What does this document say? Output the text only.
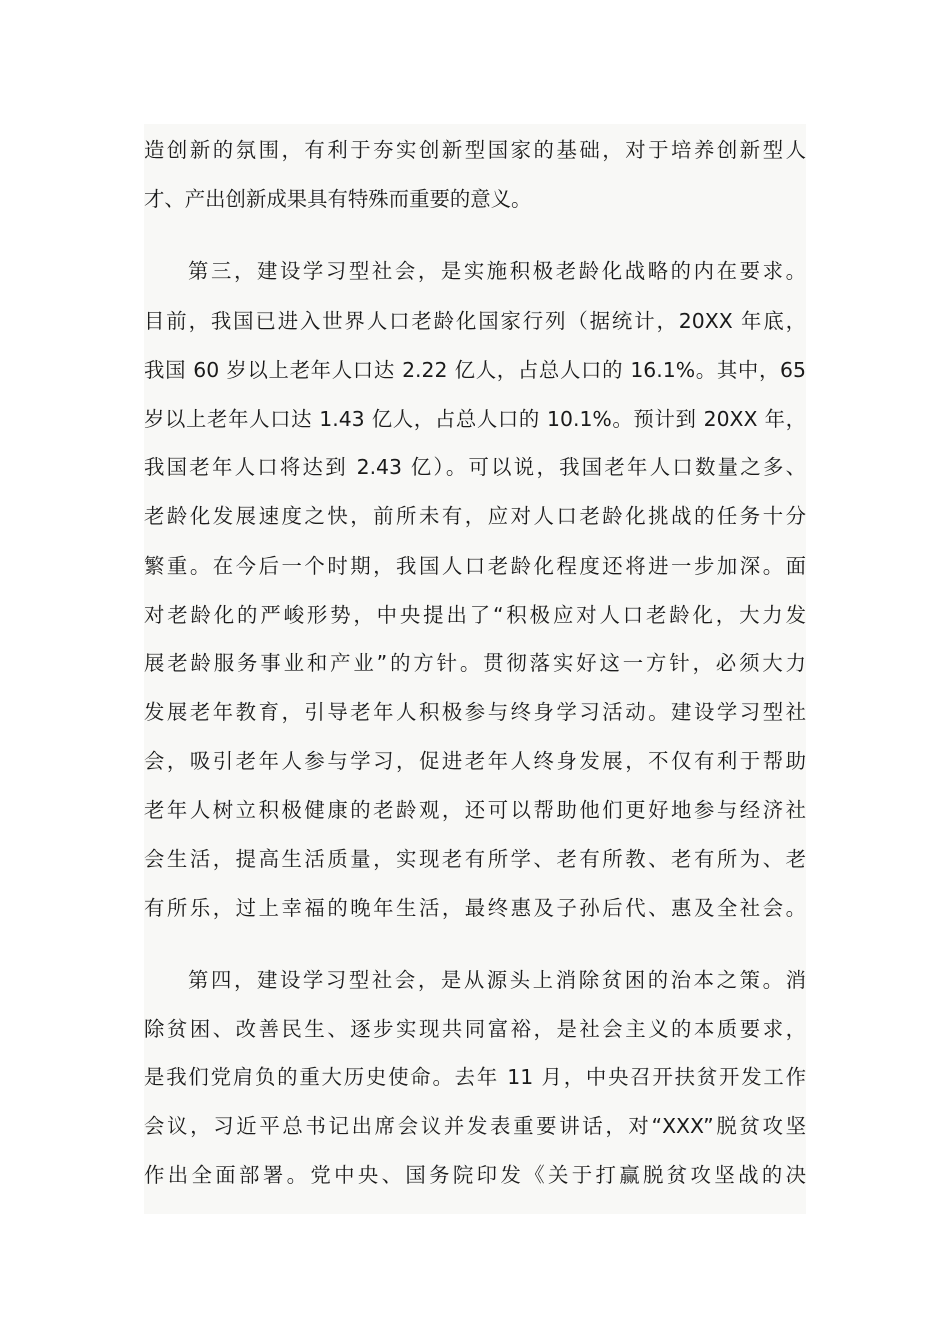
造创新的氛围，有利于夯实创新型国家的基础，对于培养创新型人
才、产出创新成果具有特殊而重要的意义。
第三，建设学习型社会，是实施积极老龄化战略的内在要求。
目前，我国已进入世界人口老龄化国家行列（据统计，20XX 年底，
我国 60 岁以上老年人口达 2.22 亿人，占总人口的 16.1%。其中，65
岁以上老年人口达 1.43 亿人，占总人口的 10.1%。预计到 20XX 年，
我国老年人口将达到 2.43 亿）。可以说，我国老年人口数量之多、
老龄化发展速度之快，前所未有，应对人口老龄化挑战的任务十分
繁重。在今后一个时期，我国人口老龄化程度还将进一步加深。面
对老龄化的严峻形势，中央提出了“积极应对人口老龄化，大力发
展老龄服务事业和产业”的方针。贯彻落实好这一方针，必须大力
发展老年教育，引导老年人积极参与终身学习活动。建设学习型社
会，吸引老年人参与学习，促进老年人终身发展，不仅有利于帮助
老年人树立积极健康的老龄观，还可以帮助他们更好地参与经济社
会生活，提高生活质量，实现老有所学、老有所教、老有所为、老
有所乐，过上幸福的晚年生活，最终惠及子孙后代、惠及全社会。
第四，建设学习型社会，是从源头上消除贫困的治本之策。消
除贫困、改善民生、逐步实现共同富裕，是社会主义的本质要求，
是我们党肩负的重大历史使命。去年 11 月，中央召开扶贫开发工作
会议，习近平总书记出席会议并发表重要讲话，对“XXX”脱贫攻坚
作出全面部署。党中央、国务院印发《关于打赢脱贫攻坚战的决
